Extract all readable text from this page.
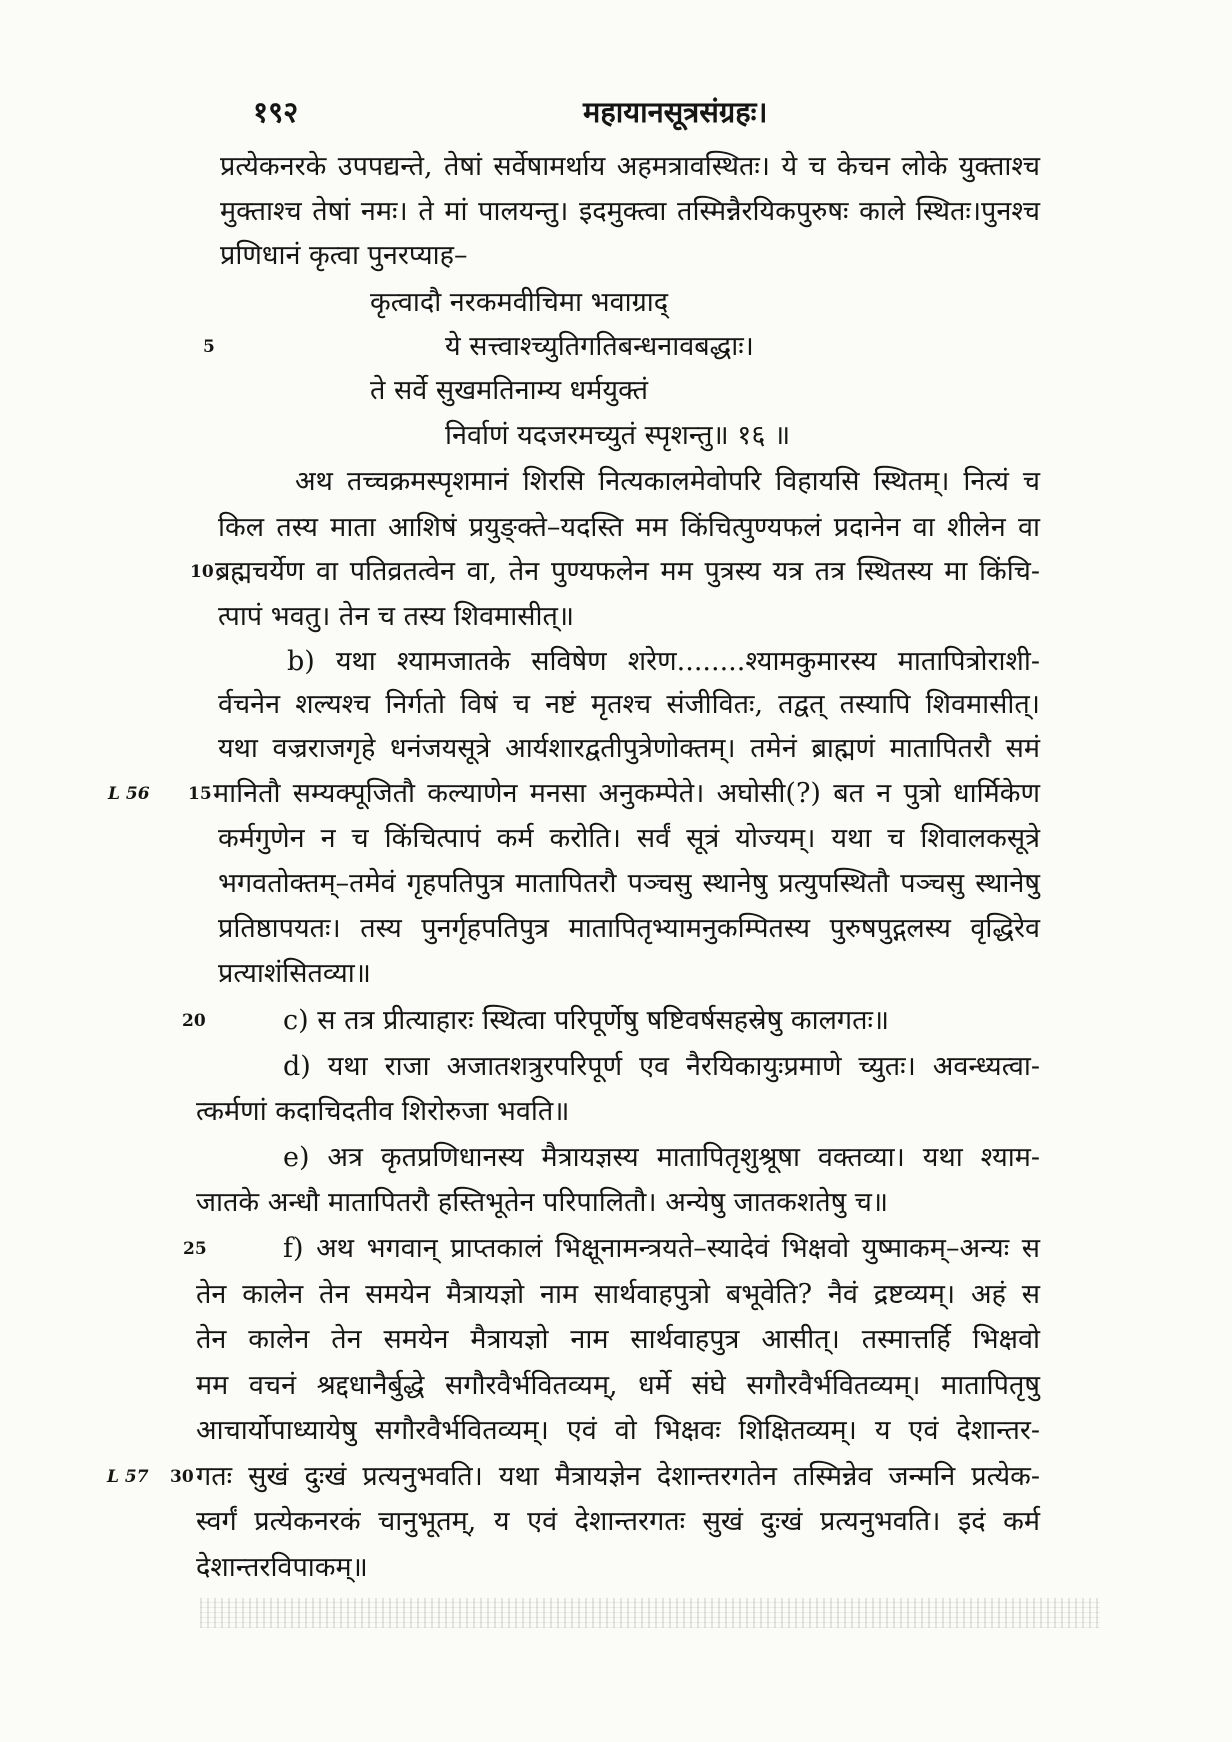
१९२	महायानसूत्रसंग्रहः।
प्रत्येकनरके उपपद्यन्ते, तेषां सर्वेषामर्थाय अहमत्रावस्थितः। ये च केचन लोके युक्ताश्च
मुक्ताश्च तेषां नमः। ते मां पालयन्तु। इदमुक्त्वा तस्मिन्नैरयिकपुरुषः काले स्थितः।पुनश्च
प्रणिधानं कृत्वा पुनरप्याह–
कृत्वादौ नरकमवीचिमा भवाग्राद्
5	ये सत्त्वाश्च्युतिगतिबन्धनावबद्धाः।
ते सर्वे सुखमतिनाम्य धर्मयुक्तं
निर्वाणं यदजरमच्युतं स्पृशन्तु॥ १६ ॥
अथ तच्चक्रमस्पृशमानं शिरसि नित्यकालमेवोपरि विहायसि स्थितम्। नित्यं च
किल तस्य माता आशिषं प्रयुङ्क्ते–यदस्ति मम किंचित्पुण्यफलं प्रदानेन वा शीलेन वा
10 ब्रह्मचर्येण वा पतिव्रतत्वेन वा, तेन पुण्यफलेन मम पुत्रस्य यत्र तत्र स्थितस्य मा किंचि-
त्पापं भवतु। तेन च तस्य शिवमासीत्॥
b) यथा श्यामजातके सविषेण शरेण........श्यामकुमारस्य मातापित्रोराशी-
र्वचनेन शल्यश्च निर्गतो विषं च नष्टं मृतश्च संजीवितः, तद्वत् तस्यापि शिवमासीत्।
यथा वज्रराजगृहे धनंजयसूत्रे आर्यशारद्वतीपुत्रेणोक्तम्। तमेनं ब्राह्मणं मातापितरौ समं
L 56 15 मानितौ सम्यक्पूजितौ कल्याणेन मनसा अनुकम्पेते। अघोसी(?) बत न पुत्रो धार्मिकेण
कर्मगुणेन न च किंचित्पापं कर्म करोति। सर्वं सूत्रं योज्यम्। यथा च शिवालकसूत्रे
भगवतोक्तम्–तमेवं गृहपतिपुत्र मातापितरौ पञ्चसु स्थानेषु प्रत्युपस्थितौ पञ्चसु स्थानेषु
प्रतिष्ठापयतः। तस्य पुनर्गृहपतिपुत्र मातापितृभ्यामनुकम्पितस्य पुरुषपुद्गलस्य वृद्धिरेव
प्रत्याशंसितव्या॥
20	c) स तत्र प्रीत्याहारः स्थित्वा परिपूर्णेषु षष्टिवर्षसहस्रेषु कालगतः॥
d) यथा राजा अजातशत्रुरपरिपूर्ण एव नैरयिकायुःप्रमाणे च्युतः। अवन्ध्यत्वा-
त्कर्मणां कदाचिदतीव शिरोरुजा भवति॥
e) अत्र कृतप्रणिधानस्य मैत्रायज्ञस्य मातापितृशुश्रूषा वक्तव्या। यथा श्याम-
जातके अन्धौ मातापितरौ हस्तिभूतेन परिपालितौ। अन्येषु जातकशतेषु च॥
25	f) अथ भगवान् प्राप्तकालं भिक्षूनामन्त्रयते–स्यादेवं भिक्षवो युष्माकम्–अन्यः स
तेन कालेन तेन समयेन मैत्रायज्ञो नाम सार्थवाहपुत्रो बभूवेति? नैवं द्रष्टव्यम्। अहं स
तेन कालेन तेन समयेन मैत्रायज्ञो नाम सार्थवाहपुत्र आसीत्। तस्मात्तर्हि भिक्षवो
मम वचनं श्रद्दधानैर्बुद्धे सगौरवैर्भवितव्यम्, धर्मे संघे सगौरवैर्भवितव्यम्। मातापितृषु
आचार्योपाध्यायेषु सगौरवैर्भवितव्यम्। एवं वो भिक्षवः शिक्षितव्यम्। य एवं देशान्तर-
L 57 30 गतः सुखं दुःखं प्रत्यनुभवति। यथा मैत्रायज्ञेन देशान्तरगतेन तस्मिन्नेव जन्मनि प्रत्येक-
स्वर्गं प्रत्येकनरकं चानुभूतम्, य एवं देशान्तरगतः सुखं दुःखं प्रत्यनुभवति। इदं कर्म
देशान्तरविपाकम्॥
